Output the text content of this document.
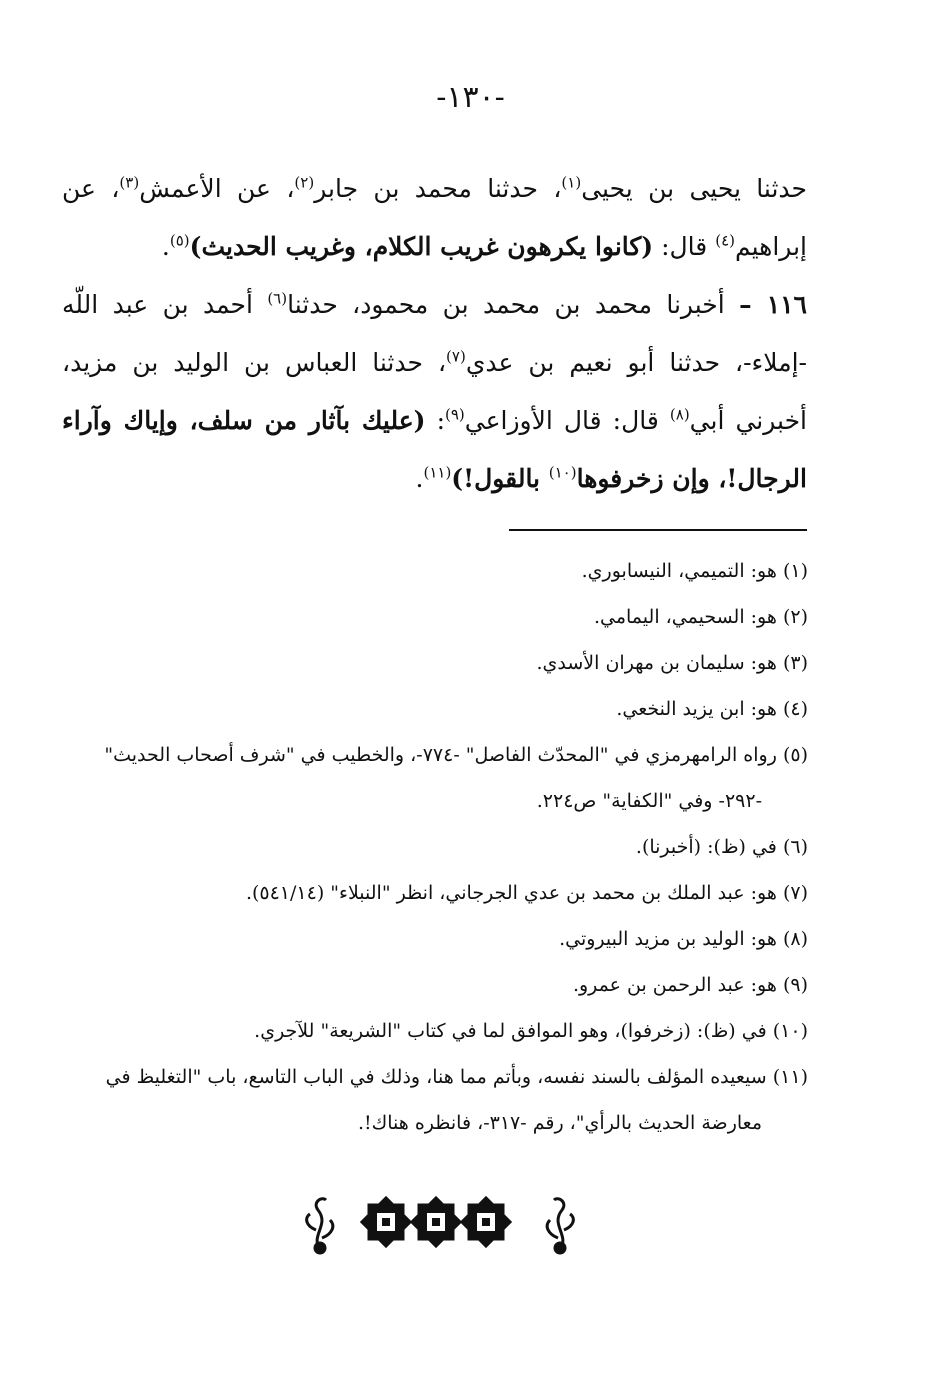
-١٣٠-

حدثنا يحيى بن يحيى$^{(١)}$، حدثنا محمد بن جابر$^{(٢)}$، عن الأعمش$^{(٣)}$، عن إبراهيم$^{(٤)}$ قال: (كانوا يكرهون غريب الكلام، وغريب الحديث)$^{(٥)}$.

١١٦ – أخبرنا محمد بن محمد بن محمود، حدثنا$^{(٦)}$ أحمد بن عبد اللّه -إملاء-، حدثنا أبو نعيم بن عدي$^{(٧)}$، حدثنا العباس بن الوليد بن مزيد، أخبرني أبي$^{(٨)}$ قال: قال الأوزاعي$^{(٩)}$: (عليك بآثار من سلف، وإياك وآراء الرجال!، وإن زخرفوها$^{(١٠)}$ بالقول!)$^{(١١)}$.

(١) هو: التميمي، النيسابوري.

(٢) هو: السحيمي، اليمامي.

(٣) هو: سليمان بن مهران الأسدي.

(٤) هو: ابن يزيد النخعي.

(٥) رواه الرامهرمزي في "المحدّث الفاصل" -٧٧٤-، والخطيب في "شرف أصحاب الحديث"
-٢٩٢- وفي "الكفاية" ص٢٢٤.

(٦) في (ظ): (أخبرنا).

(٧) هو: عبد الملك بن محمد بن عدي الجرجاني، انظر "النبلاء" (٥٤١/١٤).

(٨) هو: الوليد بن مزيد البيروتي.

(٩) هو: عبد الرحمن بن عمرو.

(١٠) في (ظ): (زخرفوا)، وهو الموافق لما في كتاب "الشريعة" للآجري.

(١١) سيعيده المؤلف بالسند نفسه، وبأتم مما هنا، وذلك في الباب التاسع، باب "التغليظ في
معارضة الحديث بالرأي"، رقم -٣١٧-، فانظره هناك!.
